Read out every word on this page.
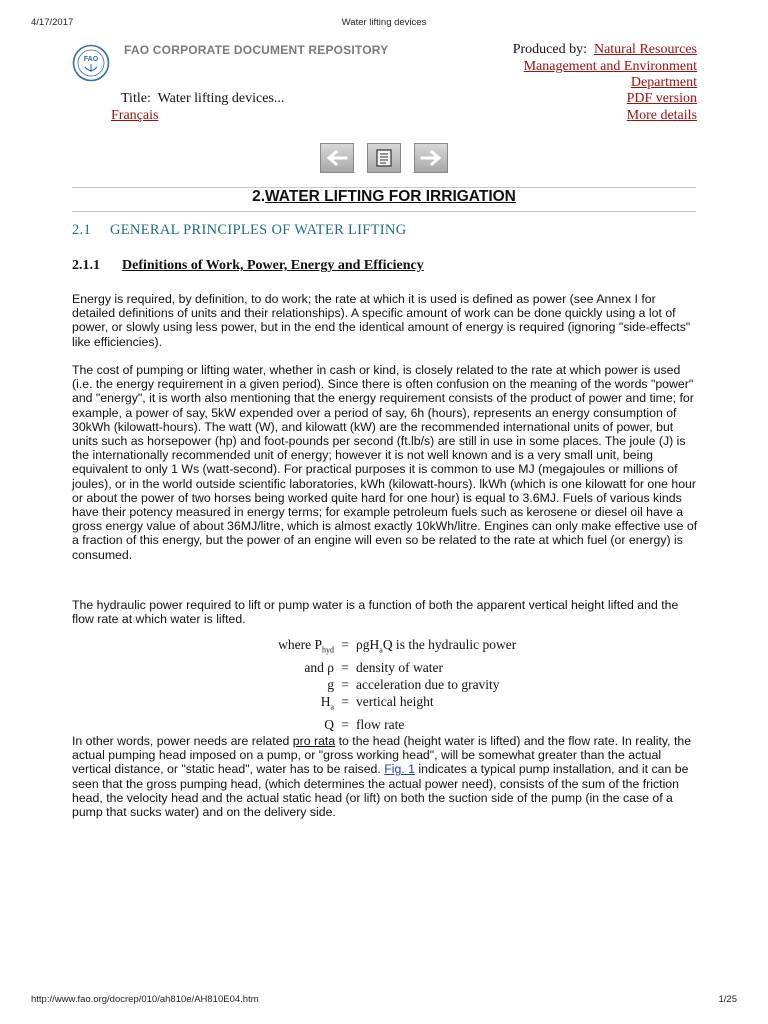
4/17/2017	Water lifting devices
FAO
FAO CORPORATE DOCUMENT REPOSITORY	Produced by: Natural Resources
Management and Environment
Department
PDF version
More details
Title: Water lifting devices...
Français
2.WATER LIFTING FOR IRRIGATION
2.1 GENERAL PRINCIPLES OF WATER LIFTING
2.1.1 Definitions of Work, Power, Energy and Efficiency

Energy is required, by definition, to do work; the rate at which it is used is defined as power (see Annex I for detailed definitions of units and their relationships). A specific amount of work can be done quickly using a lot of power, or slowly using less power, but in the end the identical amount of energy is required (ignoring "side-effects" like efficiencies).

The cost of pumping or lifting water, whether in cash or kind, is closely related to the rate at which power is used (i.e. the energy requirement in a given period). Since there is often confusion on the meaning of the words "power" and "energy", it is worth also mentioning that the energy requirement consists of the product of power and time; for example, a power of say, 5kW expended over a period of say, 6h (hours), represents an energy consumption of 30kWh (kilowatt-hours). The watt (W), and kilowatt (kW) are the recommended international units of power, but units such as horsepower (hp) and foot-pounds per second (ft.lb/s) are still in use in some places. The joule (J) is the internationally recommended unit of energy; however it is not well known and is a very small unit, being equivalent to only 1 Ws (watt-second). For practical purposes it is common to use MJ (megajoules or millions of joules), or in the world outside scientific laboratories, kWh (kilowatt-hours). lkWh (which is one kilowatt for one hour or about the power of two horses being worked quite hard for one hour) is equal to 3.6MJ. Fuels of various kinds have their potency measured in energy terms; for example petroleum fuels such as kerosene or diesel oil have a gross energy value of about 36MJ/litre, which is almost exactly 10kWh/litre. Engines can only make effective use of a fraction of this energy, but the power of an engine will even so be related to the rate at which fuel (or energy) is consumed.

The hydraulic power required to lift or pump water is a function of both the apparent vertical height lifted and the flow rate at which water is lifted.

where $P_{hyd} = \rho gH_aQ$ is the hydraulic power
and ρ = density of water
g = acceleration due to gravity
$H_a$ = vertical height
Q = flow rate

In other words, power needs are related pro rata to the head (height water is lifted) and the flow rate. In reality, the actual pumping head imposed on a pump, or "gross working head", will be somewhat greater than the actual vertical distance, or "static head", water has to be raised. Fig. 1 indicates a typical pump installation, and it can be seen that the gross pumping head, (which determines the actual power need), consists of the sum of the friction head, the velocity head and the actual static head (or lift) on both the suction side of the pump (in the case of a pump that sucks water) and on the delivery side.

http://www.fao.org/docrep/010/ah810e/AH810E04.htm	1/25
